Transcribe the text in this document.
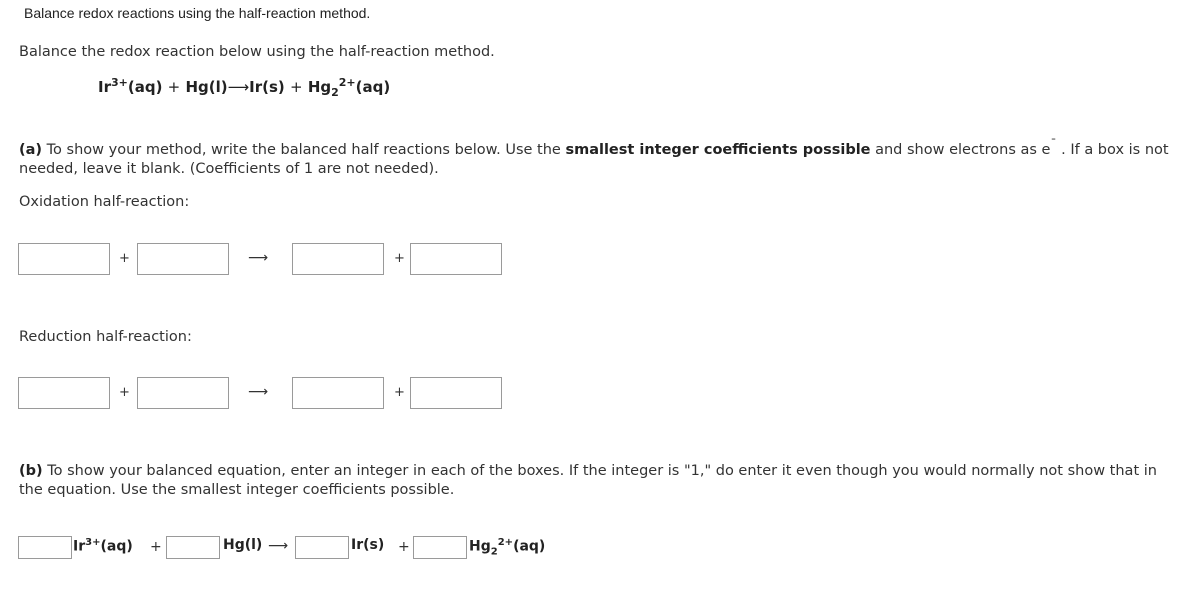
Balance redox reactions using the half-reaction method.
Balance the redox reaction below using the half-reaction method.
$Ir^{3+}(aq)$ + Hg(l)⟶Ir(s) + $Hg_2^{2+}(aq)$
(a) To show your method, write the balanced half reactions below. Use the smallest integer coefficients possible and show electrons as e¯ . If a box is not needed, leave it blank. (Coefficients of 1 are not needed).
Oxidation half-reaction:
+	⟶	+
Reduction half-reaction:
+	⟶	+
(b) To show your balanced equation, enter an integer in each of the boxes. If the integer is "1," do enter it even though you would normally not show that in the equation. Use the smallest integer coefficients possible.
$Ir^{3+}(aq)$ +	Hg(l) ⟶	Ir(s) +	$Hg_2^{2+}(aq)$
